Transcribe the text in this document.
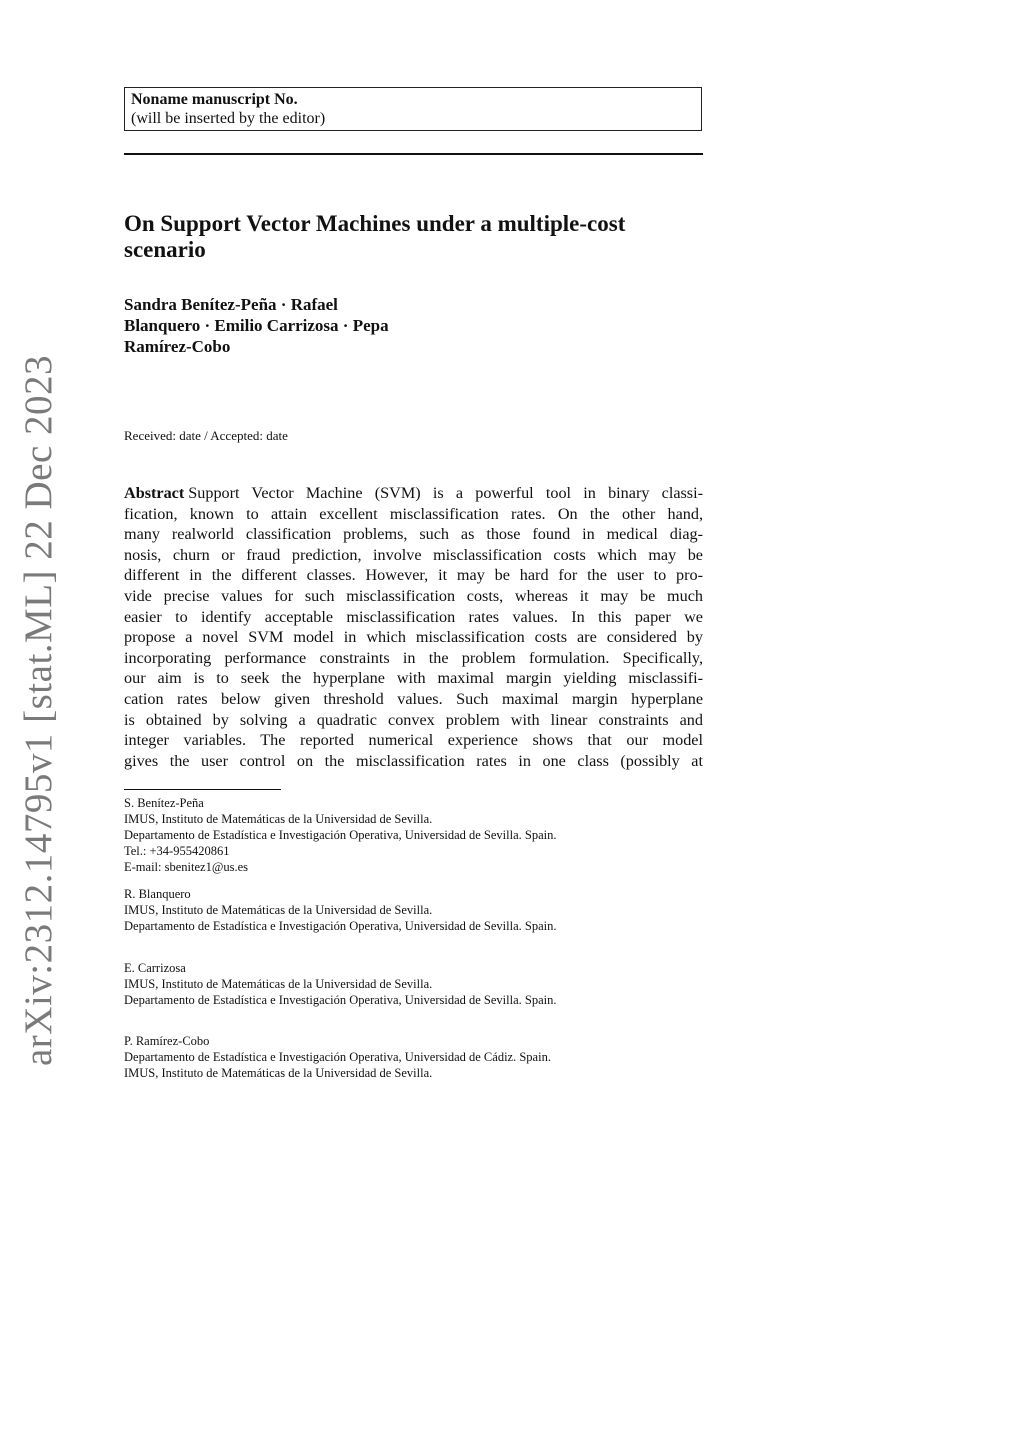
arXiv:2312.14795v1 [stat.ML] 22 Dec 2023
Noname manuscript No.
(will be inserted by the editor)
On Support Vector Machines under a multiple-cost
scenario
Sandra Benítez-Peña · Rafael
Blanquero · Emilio Carrizosa · Pepa
Ramírez-Cobo
Received: date / Accepted: date
Abstract Support Vector Machine (SVM) is a powerful tool in binary classi-
fication, known to attain excellent misclassification rates. On the other hand,
many realworld classification problems, such as those found in medical diag-
nosis, churn or fraud prediction, involve misclassification costs which may be
different in the different classes. However, it may be hard for the user to pro-
vide precise values for such misclassification costs, whereas it may be much
easier to identify acceptable misclassification rates values. In this paper we
propose a novel SVM model in which misclassification costs are considered by
incorporating performance constraints in the problem formulation. Specifically,
our aim is to seek the hyperplane with maximal margin yielding misclassifi-
cation rates below given threshold values. Such maximal margin hyperplane
is obtained by solving a quadratic convex problem with linear constraints and
integer variables. The reported numerical experience shows that our model
gives the user control on the misclassification rates in one class (possibly at
S. Benítez-Peña
IMUS, Instituto de Matemáticas de la Universidad de Sevilla.
Departamento de Estadística e Investigación Operativa, Universidad de Sevilla. Spain.
Tel.: +34-955420861
E-mail: sbenitez1@us.es
R. Blanquero
IMUS, Instituto de Matemáticas de la Universidad de Sevilla.
Departamento de Estadística e Investigación Operativa, Universidad de Sevilla. Spain.
E. Carrizosa
IMUS, Instituto de Matemáticas de la Universidad de Sevilla.
Departamento de Estadística e Investigación Operativa, Universidad de Sevilla. Spain.
P. Ramírez-Cobo
Departamento de Estadística e Investigación Operativa, Universidad de Cádiz. Spain.
IMUS, Instituto de Matemáticas de la Universidad de Sevilla.
